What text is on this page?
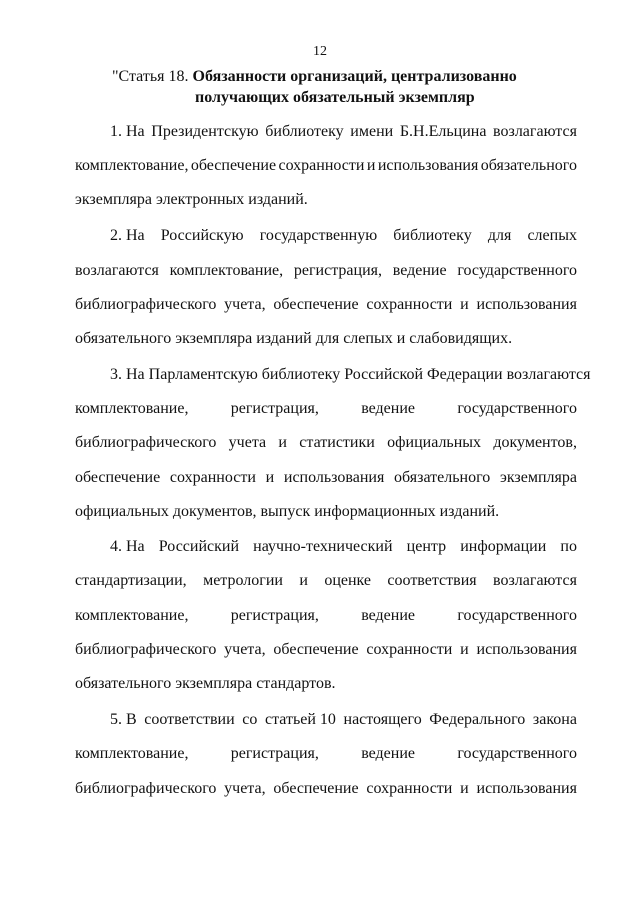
12
"Статья 18. Обязанности организаций, централизованно
получающих обязательный экземпляр
1. На Президентскую библиотеку имени Б.Н.Ельцина возлагаются
комплектование, обеспечение сохранности и использования обязательного
экземпляра электронных изданий.
2. На Российскую государственную библиотеку для слепых
возлагаются комплектование, регистрация, ведение государственного
библиографического учета, обеспечение сохранности и использования
обязательного экземпляра изданий для слепых и слабовидящих.
3. На Парламентскую библиотеку Российской Федерации возлагаются
комплектование,	регистрация,	ведение	государственного
библиографического учета и статистики официальных документов,
обеспечение сохранности и использования обязательного экземпляра
официальных документов, выпуск информационных изданий.
4. На Российский научно-технический центр информации по
стандартизации, метрологии и оценке соответствия возлагаются
комплектование,	регистрация,	ведение	государственного
библиографического учета, обеспечение сохранности и использования
обязательного экземпляра стандартов.
5. В соответствии со статьей 10 настоящего Федерального закона
комплектование,	регистрация,	ведение	государственного
библиографического учета, обеспечение сохранности и использования
